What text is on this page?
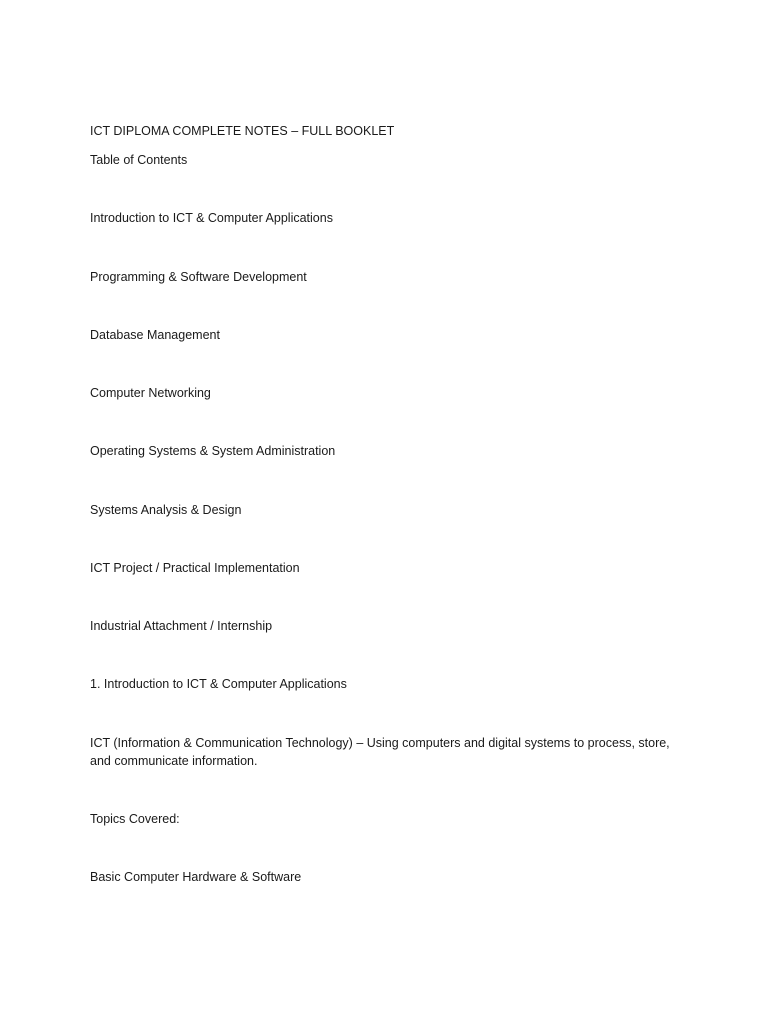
ICT DIPLOMA COMPLETE NOTES – FULL BOOKLET

Table of Contents

Introduction to ICT & Computer Applications

Programming & Software Development

Database Management

Computer Networking

Operating Systems & System Administration

Systems Analysis & Design

ICT Project / Practical Implementation

Industrial Attachment / Internship

1. Introduction to ICT & Computer Applications

ICT (Information & Communication Technology) – Using computers and digital systems to process, store, and communicate information.

Topics Covered:

Basic Computer Hardware & Software
